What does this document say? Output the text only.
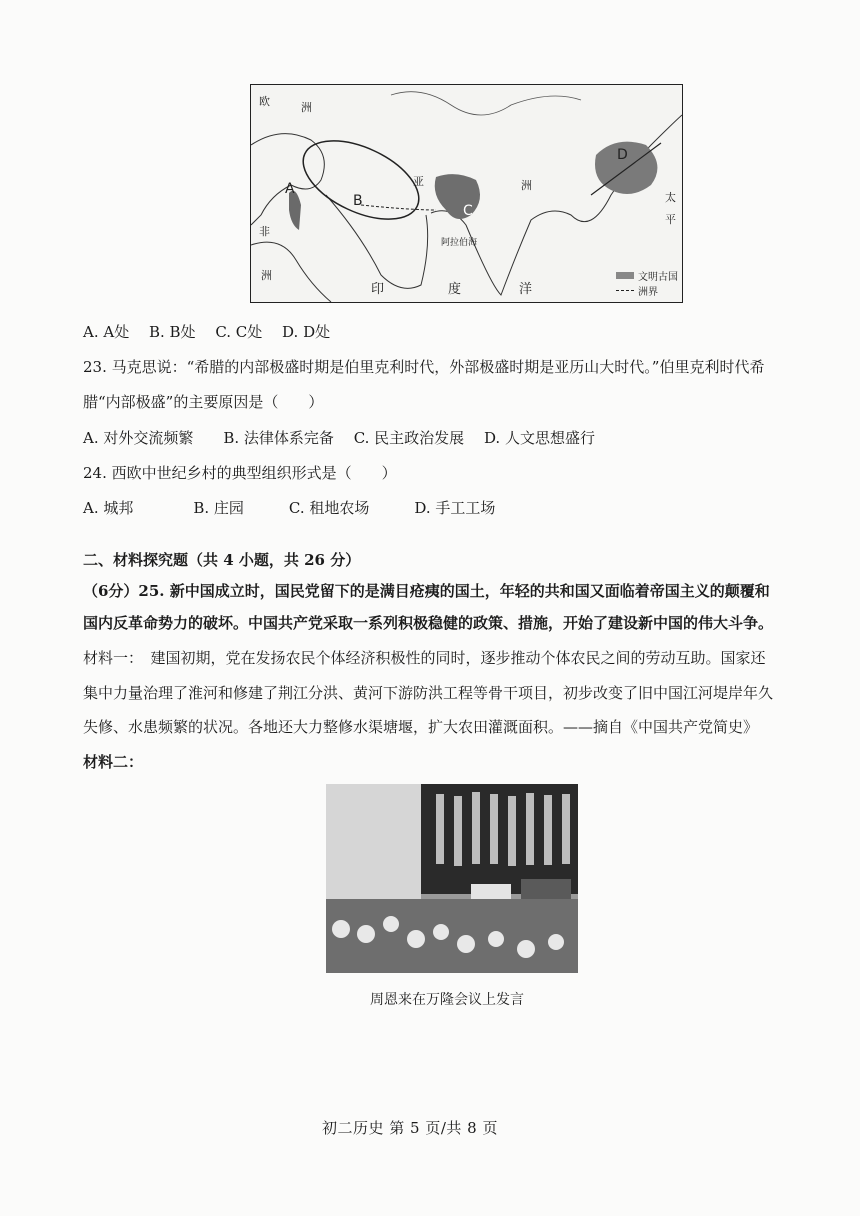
欧	洲
亚	洲
非
洲
太
平
阿拉伯海
印	度	洋
A
B
C
D
文明古国
洲界
A. A处　 B. B处　 C. C处　 D. D处
23. 马克思说：“希腊的内部极盛时期是伯里克利时代，外部极盛时期是亚历山大时代。”伯里克利时代希
腊“内部极盛”的主要原因是（　　）
A. 对外交流频繁　　B. 法律体系完备　 C. 民主政治发展　 D. 人文思想盛行
24. 西欧中世纪乡村的典型组织形式是（　　）
A. 城邦　　　　B. 庄园　　　C. 租地农场　　　D. 手工工场
二、材料探究题（共 4 小题，共 26 分）
（6分）25. 新中国成立时，国民党留下的是满目疮痍的国土，年轻的共和国又面临着帝国主义的颠覆和
国内反革命势力的破坏。中国共产党采取一系列积极稳健的政策、措施，开始了建设新中国的伟大斗争。
材料一：　建国初期，党在发扬农民个体经济积极性的同时，逐步推动个体农民之间的劳动互助。国家还
集中力量治理了淮河和修建了荆江分洪、黄河下游防洪工程等骨干项目，初步改变了旧中国江河堤岸年久
失修、水患频繁的状况。各地还大力整修水渠塘堰，扩大农田灌溉面积。——摘自《中国共产党简史》
材料二：
周恩来在万隆会议上发言
初二历史 第 5 页/共 8 页
